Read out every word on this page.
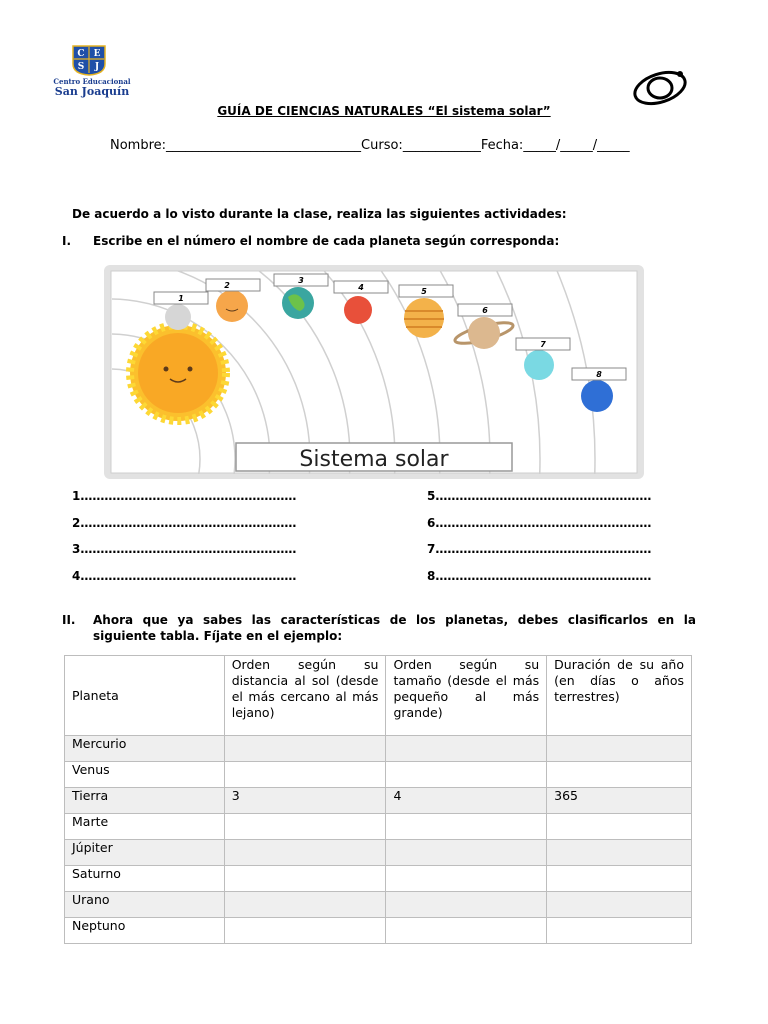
C E
S J
Centro Educacional
San Joaquín
GUÍA DE CIENCIAS NATURALES “El sistema solar”
Nombre:______________________________Curso:____________Fecha:_____/_____/_____
De acuerdo a lo visto durante la clase, realiza las siguientes actividades:
I. Escribe en el número el nombre de cada planeta según corresponda:
1
2
3
4	5
6
7
8
Sistema solar
1………………………………………………
2………………………………………………
3………………………………………………
4………………………………………………
5………………………………………………
6………………………………………………
7………………………………………………
8………………………………………………
II. Ahora que ya sabes las características de los planetas, debes clasificarlos en la siguiente tabla. Fíjate en el ejemplo:
Planeta	Orden según su distancia al sol (desde el más cercano al más lejano)	Orden según su tamaño (desde el más pequeño al más grande)	Duración de su año (en días o años terrestres)
Mercurio			
Venus			
Tierra	3	4	365
Marte			
Júpiter			
Saturno			
Urano			
Neptuno			
